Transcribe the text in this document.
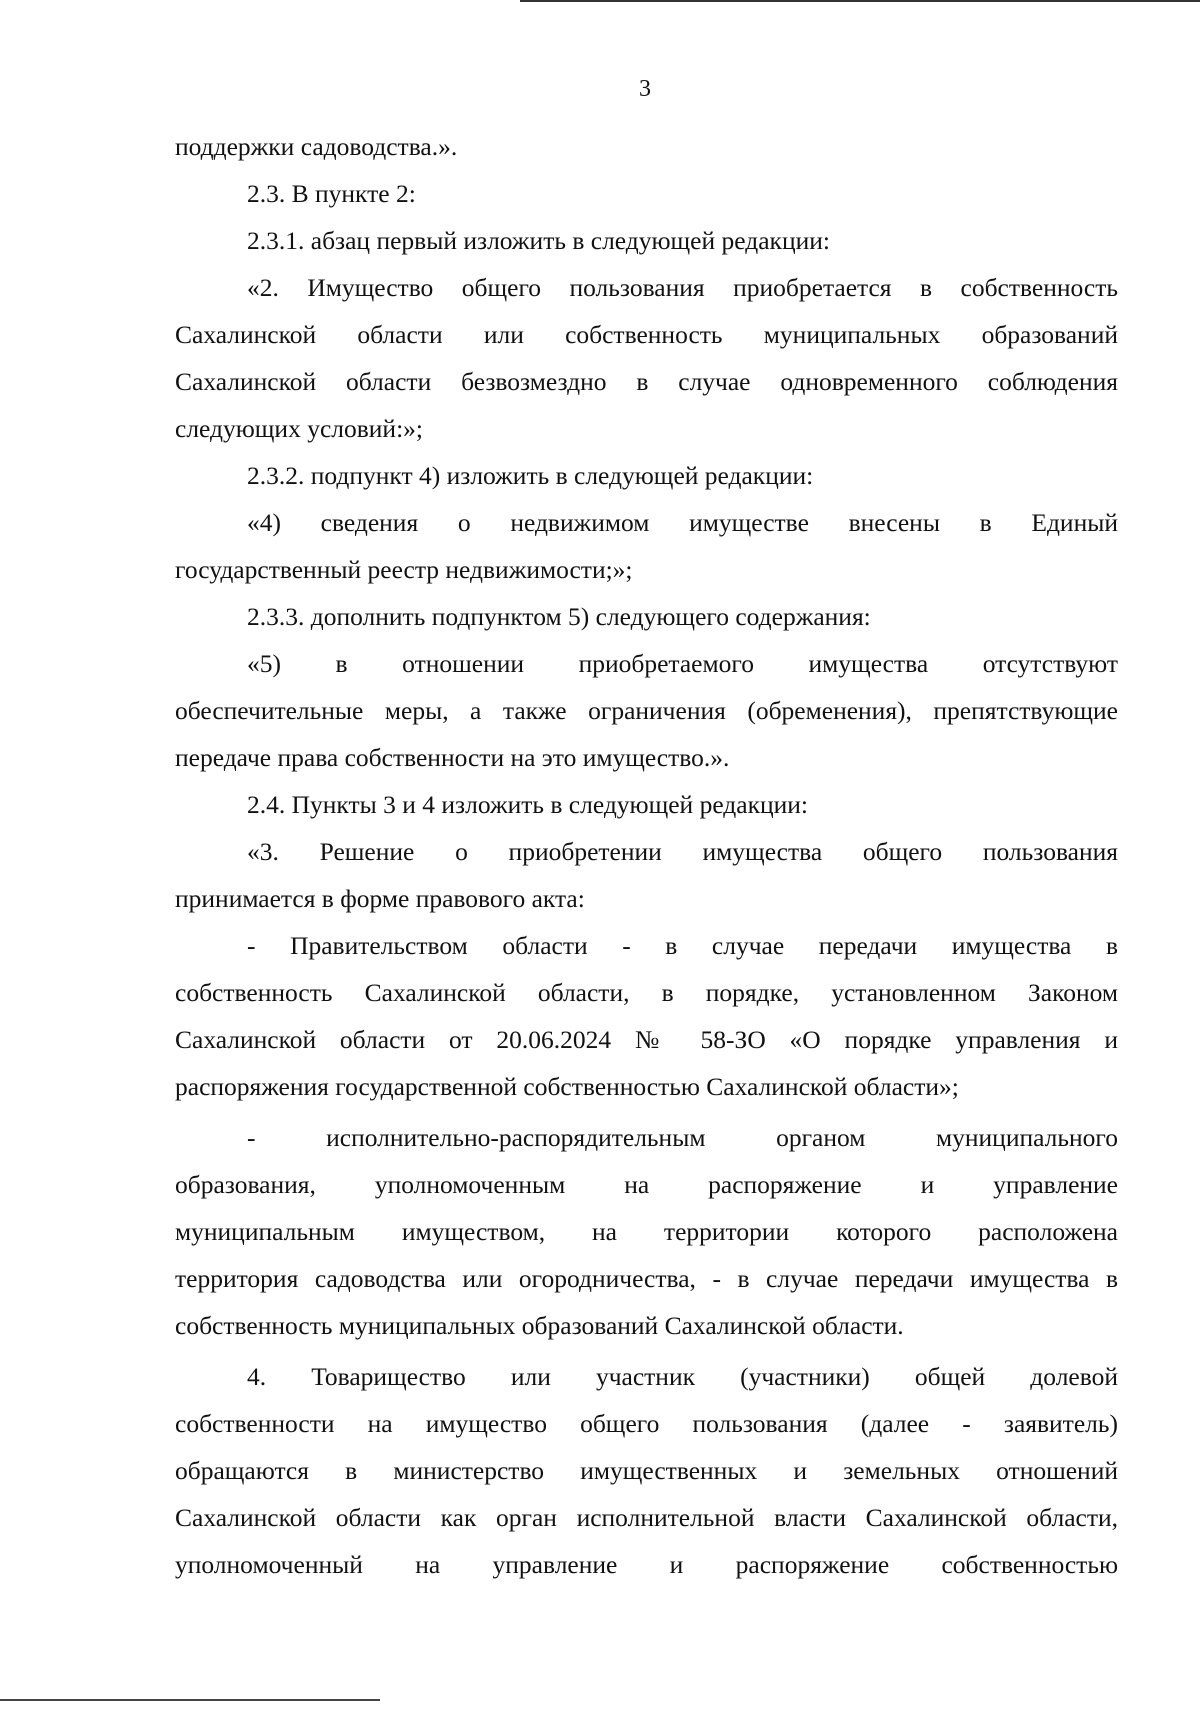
3
поддержки садоводства.».
2.3. В пункте 2:
2.3.1. абзац первый изложить в следующей редакции:
«2. Имущество общего пользования приобретается в собственность
Сахалинской области или собственность муниципальных образований
Сахалинской области безвозмездно в случае одновременного соблюдения
следующих условий:»;
2.3.2. подпункт 4) изложить в следующей редакции:
«4) сведения о недвижимом имуществе внесены в Единый
государственный реестр недвижимости;»;
2.3.3. дополнить подпунктом 5) следующего содержания:
«5) в отношении приобретаемого имущества отсутствуют
обеспечительные меры, а также ограничения (обременения), препятствующие
передаче права собственности на это имущество.».
2.4. Пункты 3 и 4 изложить в следующей редакции:
«3. Решение о приобретении имущества общего пользования
принимается в форме правового акта:
- Правительством области - в случае передачи имущества в
собственность Сахалинской области, в порядке, установленном Законом
Сахалинской области от 20.06.2024 № 58-ЗО «О порядке управления и
распоряжения государственной собственностью Сахалинской области»;
- исполнительно-распорядительным органом муниципального
образования, уполномоченным на распоряжение и управление
муниципальным имуществом, на территории которого расположена
территория садоводства или огородничества, - в случае передачи имущества в
собственность муниципальных образований Сахалинской области.
4. Товарищество или участник (участники) общей долевой
собственности на имущество общего пользования (далее - заявитель)
обращаются в министерство имущественных и земельных отношений
Сахалинской области как орган исполнительной власти Сахалинской области,
уполномоченный на управление и распоряжение собственностью
